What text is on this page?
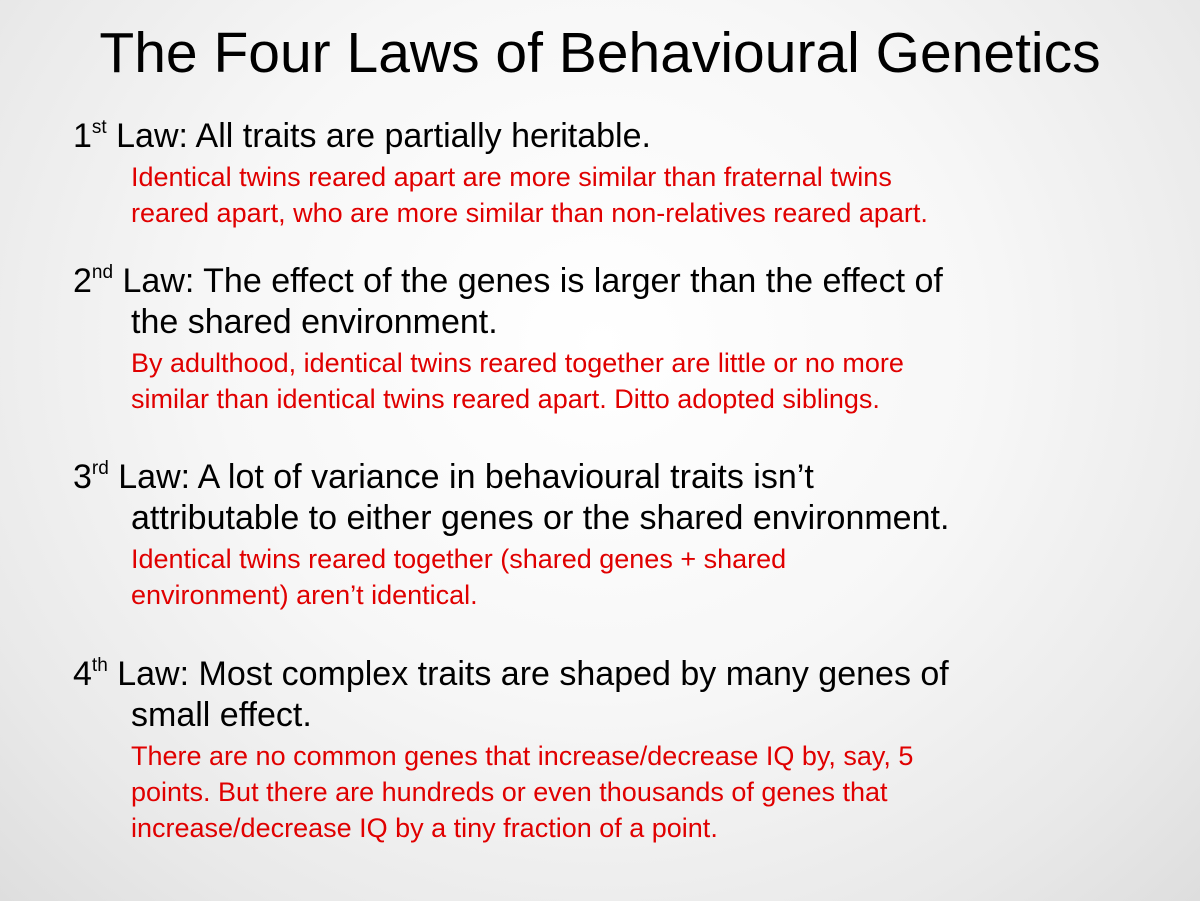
The Four Laws of Behavioural Genetics
1st Law: All traits are partially heritable.
Identical twins reared apart are more similar than fraternal twins
reared apart, who are more similar than non-relatives reared apart.
2nd Law: The effect of the genes is larger than the effect of
the shared environment.
By adulthood, identical twins reared together are little or no more
similar than identical twins reared apart. Ditto adopted siblings.
3rd Law: A lot of variance in behavioural traits isn’t
attributable to either genes or the shared environment.
Identical twins reared together (shared genes + shared
environment) aren’t identical.
4th Law: Most complex traits are shaped by many genes of
small effect.
There are no common genes that increase/decrease IQ by, say, 5
points. But there are hundreds or even thousands of genes that
increase/decrease IQ by a tiny fraction of a point.
